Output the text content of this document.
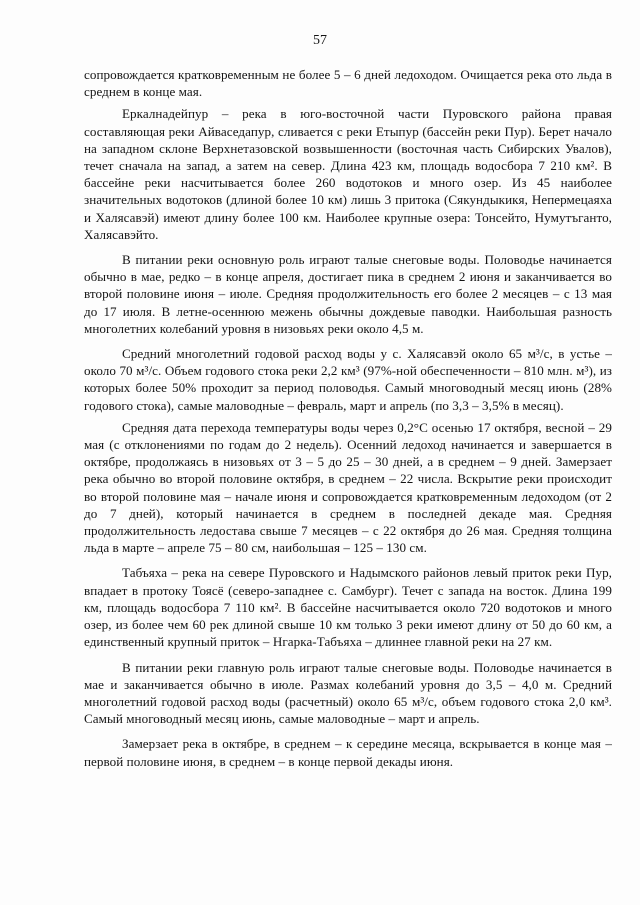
57

сопровождается кратковременным не более 5 – 6 дней ледоходом. Очищается река ото льда в среднем в конце мая.

Еркалнадейпур – река в юго-восточной части Пуровского района правая составляющая реки Айваседапур, сливается с реки Етыпур (бассейн реки Пур). Берет начало на западном склоне Верхнетазовской возвышенности (восточная часть Сибирских Увалов), течет сначала на запад, а затем на север. Длина 423 км, площадь водосбора 7 210 км². В бассейне реки насчитывается более 260 водотоков и много озер. Из 45 наиболее значительных водотоков (длиной более 10 км) лишь 3 притока (Сякундыкикя, Непермецаяха и Халясавэй) имеют длину более 100 км. Наиболее крупные озера: Тонсейто, Нумутъганто, Халясавэйто.

В питании реки основную роль играют талые снеговые воды. Половодье начинается обычно в мае, редко – в конце апреля, достигает пика в среднем 2 июня и заканчивается во второй половине июня – июле. Средняя продолжительность его более 2 месяцев – с 13 мая до 17 июля. В летне-осеннюю межень обычны дождевые паводки. Наибольшая разность многолетних колебаний уровня в низовьях реки около 4,5 м.

Средний многолетний годовой расход воды у с. Халясавэй около 65 м³/с, в устье – около 70 м³/с. Объем годового стока реки 2,2 км³ (97%-ной обеспеченности – 810 млн. м³), из которых более 50% проходит за период половодья. Самый многоводный месяц июнь (28% годового стока), самые маловодные – февраль, март и апрель (по 3,3 – 3,5% в месяц).

Средняя дата перехода температуры воды через 0,2°С осенью 17 октября, весной – 29 мая (с отклонениями по годам до 2 недель). Осенний ледоход начинается и завершается в октябре, продолжаясь в низовьях от 3 – 5 до 25 – 30 дней, а в среднем – 9 дней. Замерзает река обычно во второй половине октября, в среднем – 22 числа. Вскрытие реки происходит во второй половине мая – начале июня и сопровождается кратковременным ледоходом (от 2 до 7 дней), который начинается в среднем в последней декаде мая. Средняя продолжительность ледостава свыше 7 месяцев – с 22 октября до 26 мая. Средняя толщина льда в марте – апреле 75 – 80 см, наибольшая – 125 – 130 см.

Табъяха – река на севере Пуровского и Надымского районов левый приток реки Пур, впадает в протоку Тоясё (северо-западнее с. Самбург). Течет с запада на восток. Длина 199 км, площадь водосбора 7 110 км². В бассейне насчитывается около 720 водотоков и много озер, из более чем 60 рек длиной свыше 10 км только 3 реки имеют длину от 50 до 60 км, а единственный крупный приток – Нгарка-Табъяха – длиннее главной реки на 27 км.

В питании реки главную роль играют талые снеговые воды. Половодье начинается в мае и заканчивается обычно в июле. Размах колебаний уровня до 3,5 – 4,0 м. Средний многолетний годовой расход воды (расчетный) около 65 м³/с, объем годового стока 2,0 км³. Самый многоводный месяц июнь, самые маловодные – март и апрель.

Замерзает река в октябре, в среднем – к середине месяца, вскрывается в конце мая – первой половине июня, в среднем – в конце первой декады июня.
